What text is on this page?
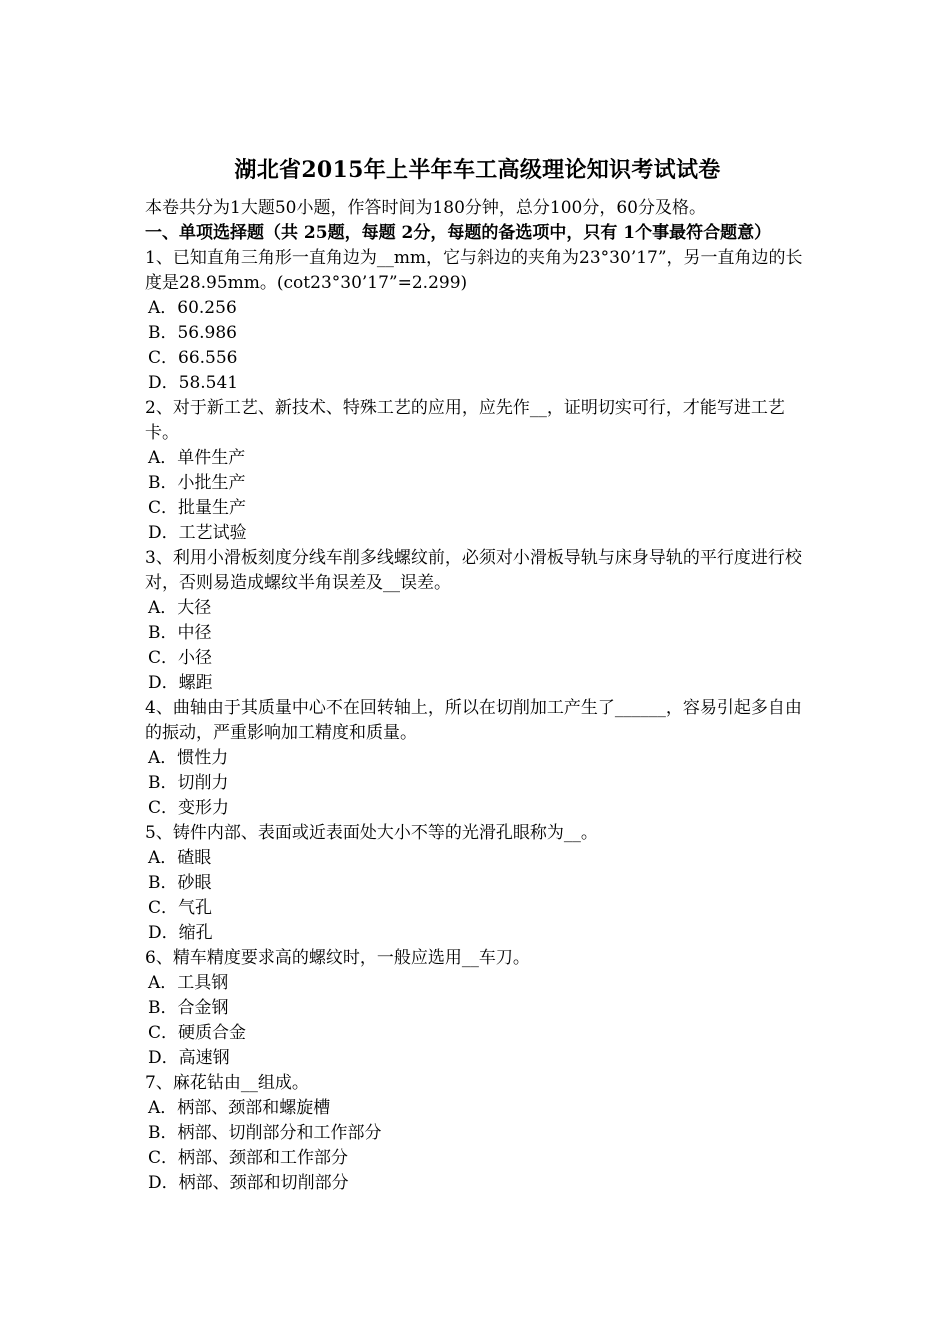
湖北省2015年上半年车工高级理论知识考试试卷
本卷共分为1大题50小题，作答时间为180分钟，总分100分，60分及格。
一、单项选择题（共 25题，每题 2分，每题的备选项中，只有 1个事最符合题意）
1、已知直角三角形一直角边为__mm，它与斜边的夹角为23°30’17”，另一直角边的长度是28.95mm。(cot23°30’17”=2.299)
A．60.256
B．56.986
C．66.556
D．58.541
2、对于新工艺、新技术、特殊工艺的应用，应先作__，证明切实可行，才能写进工艺卡。
A．单件生产
B．小批生产
C．批量生产
D．工艺试验
3、利用小滑板刻度分线车削多线螺纹前，必须对小滑板导轨与床身导轨的平行度进行校对，否则易造成螺纹半角误差及__误差。
A．大径
B．中径
C．小径
D．螺距
4、曲轴由于其质量中心不在回转轴上，所以在切削加工产生了______，容易引起多自由的振动，严重影响加工精度和质量。
A．惯性力
B．切削力
C．变形力
5、铸件内部、表面或近表面处大小不等的光滑孔眼称为__。
A．碴眼
B．砂眼
C．气孔
D．缩孔
6、精车精度要求高的螺纹时，一般应选用__车刀。
A．工具钢
B．合金钢
C．硬质合金
D．高速钢
7、麻花钻由__组成。
A．柄部、颈部和螺旋槽
B．柄部、切削部分和工作部分
C．柄部、颈部和工作部分
D．柄部、颈部和切削部分
